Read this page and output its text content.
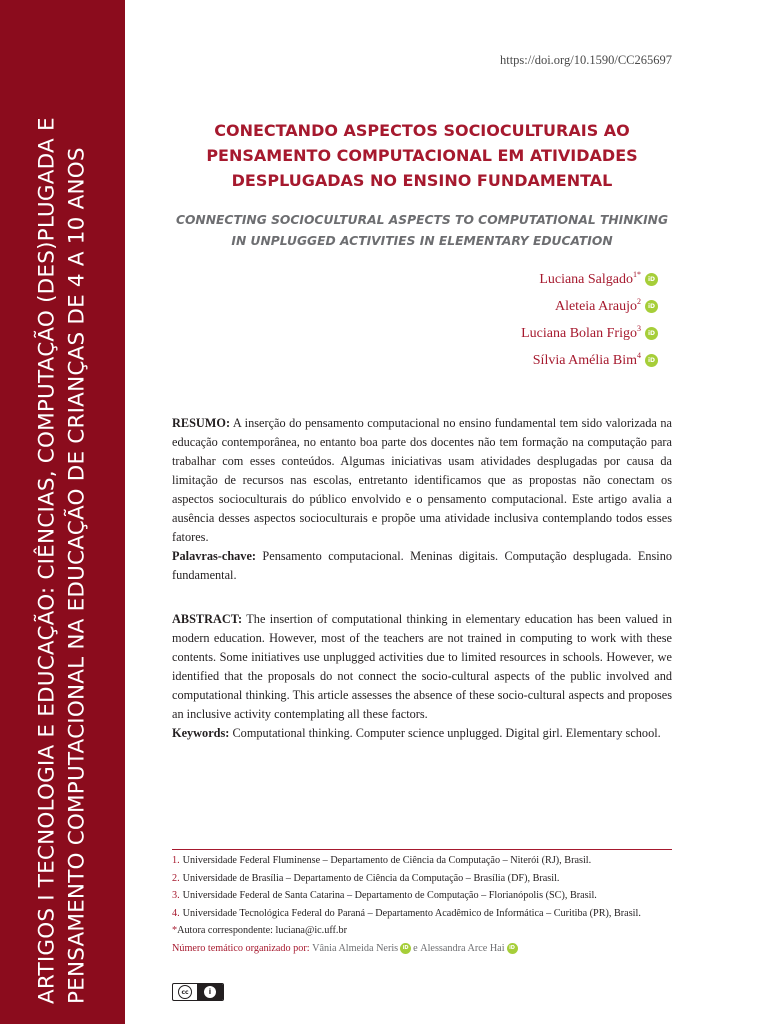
ARTIGOS I TECNOLOGIA E EDUCAÇÃO: CIÊNCIAS, COMPUTAÇÃO (DES)PLUGADA E PENSAMENTO COMPUTACIONAL NA EDUCAÇÃO DE CRIANÇAS DE 4 A 10 ANOS
https://doi.org/10.1590/CC265697
CONECTANDO ASPECTOS SOCIOCULTURAIS AO
PENSAMENTO COMPUTACIONAL EM ATIVIDADES
DESPLUGADAS NO ENSINO FUNDAMENTAL
CONNECTING SOCIOCULTURAL ASPECTS TO COMPUTATIONAL THINKING
IN UNPLUGGED ACTIVITIES IN ELEMENTARY EDUCATION
Luciana Salgado$^{1*}$
iD
Aleteia Araujo$^2$
iD
Luciana Bolan Frigo$^3$
iD
Sílvia Amélia Bim$^4$
iD

RESUMO: A inserção do pensamento computacional no ensino fundamental tem sido valorizada na educação contemporânea, no entanto boa parte dos docentes não tem formação na computação para trabalhar com esses conteúdos. Algumas iniciativas usam atividades desplugadas por causa da limitação de recursos nas escolas, entretanto identificamos que as propostas não conectam os aspectos socioculturais do público envolvido e o pensamento computacional. Este artigo avalia a ausência desses aspectos socioculturais e propõe uma atividade inclusiva contemplando todos esses fatores.

Palavras-chave: Pensamento computacional. Meninas digitais. Computação desplugada. Ensino fundamental.

ABSTRACT: The insertion of computational thinking in elementary education has been valued in modern education. However, most of the teachers are not trained in computing to work with these contents. Some initiatives use unplugged activities due to limited resources in schools. However, we identified that the proposals do not connect the socio-cultural aspects of the public involved and computational thinking. This article assesses the absence of these socio-cultural aspects and proposes an inclusive activity contemplating all these factors.

Keywords: Computational thinking. Computer science unplugged. Digital girl. Elementary school.

1. Universidade Federal Fluminense – Departamento de Ciência da Computação – Niterói (RJ), Brasil.
2. Universidade de Brasília – Departamento de Ciência da Computação – Brasília (DF), Brasil.
3. Universidade Federal de Santa Catarina – Departamento de Computação – Florianópolis (SC), Brasil.
4. Universidade Tecnológica Federal do Paraná – Departamento Acadêmico de Informática – Curitiba (PR), Brasil.
* Autora correspondente: luciana@ic.uff.br
Número temático organizado por:
Vânia Almeida Neris iD e
Alessandra Arce Hai iD
cc	i
